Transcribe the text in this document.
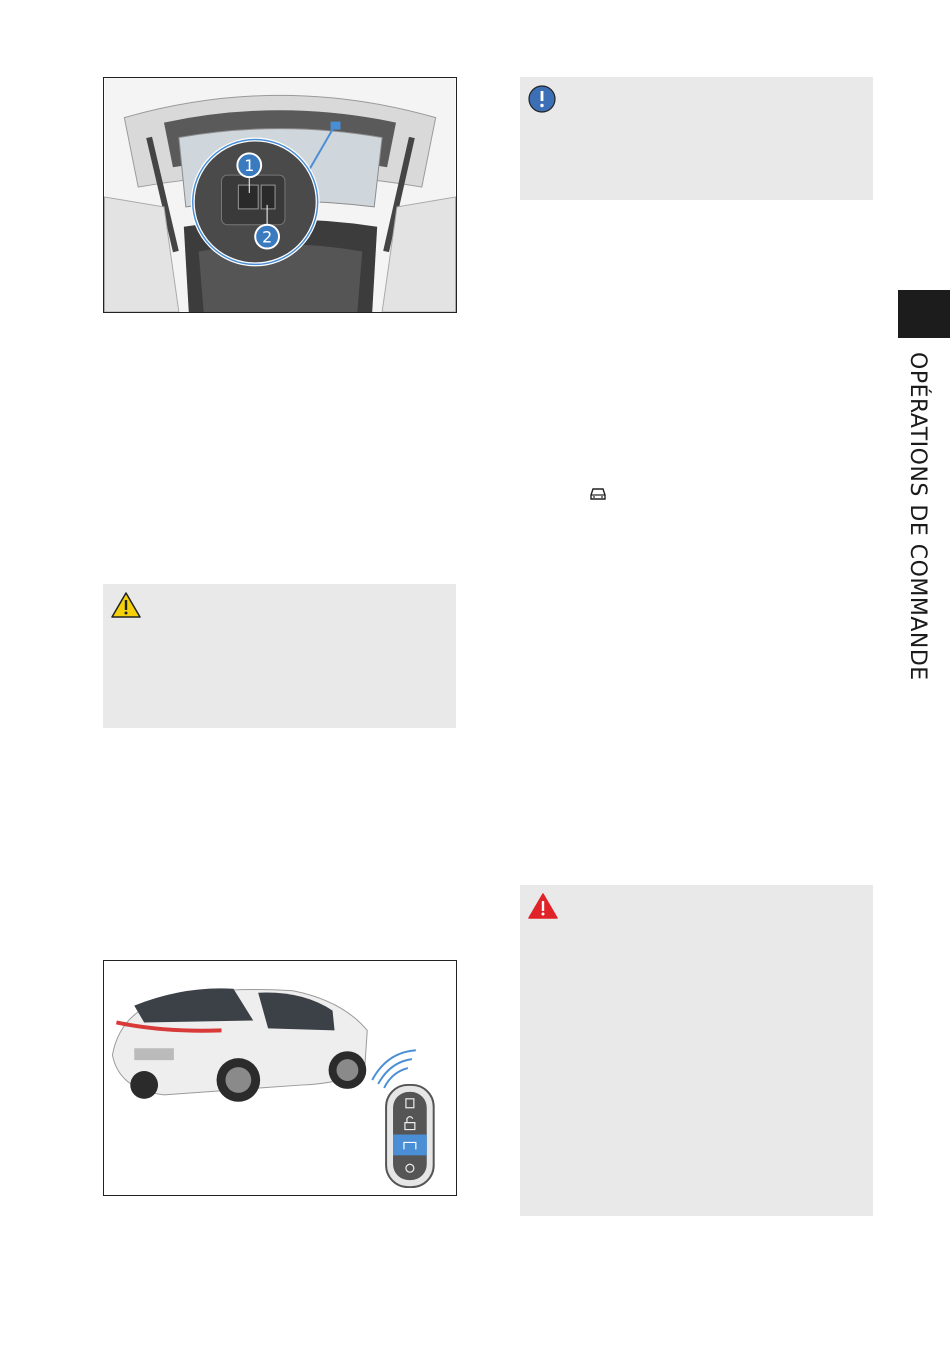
1
2
OPÉRATIONS DE COMMANDE
